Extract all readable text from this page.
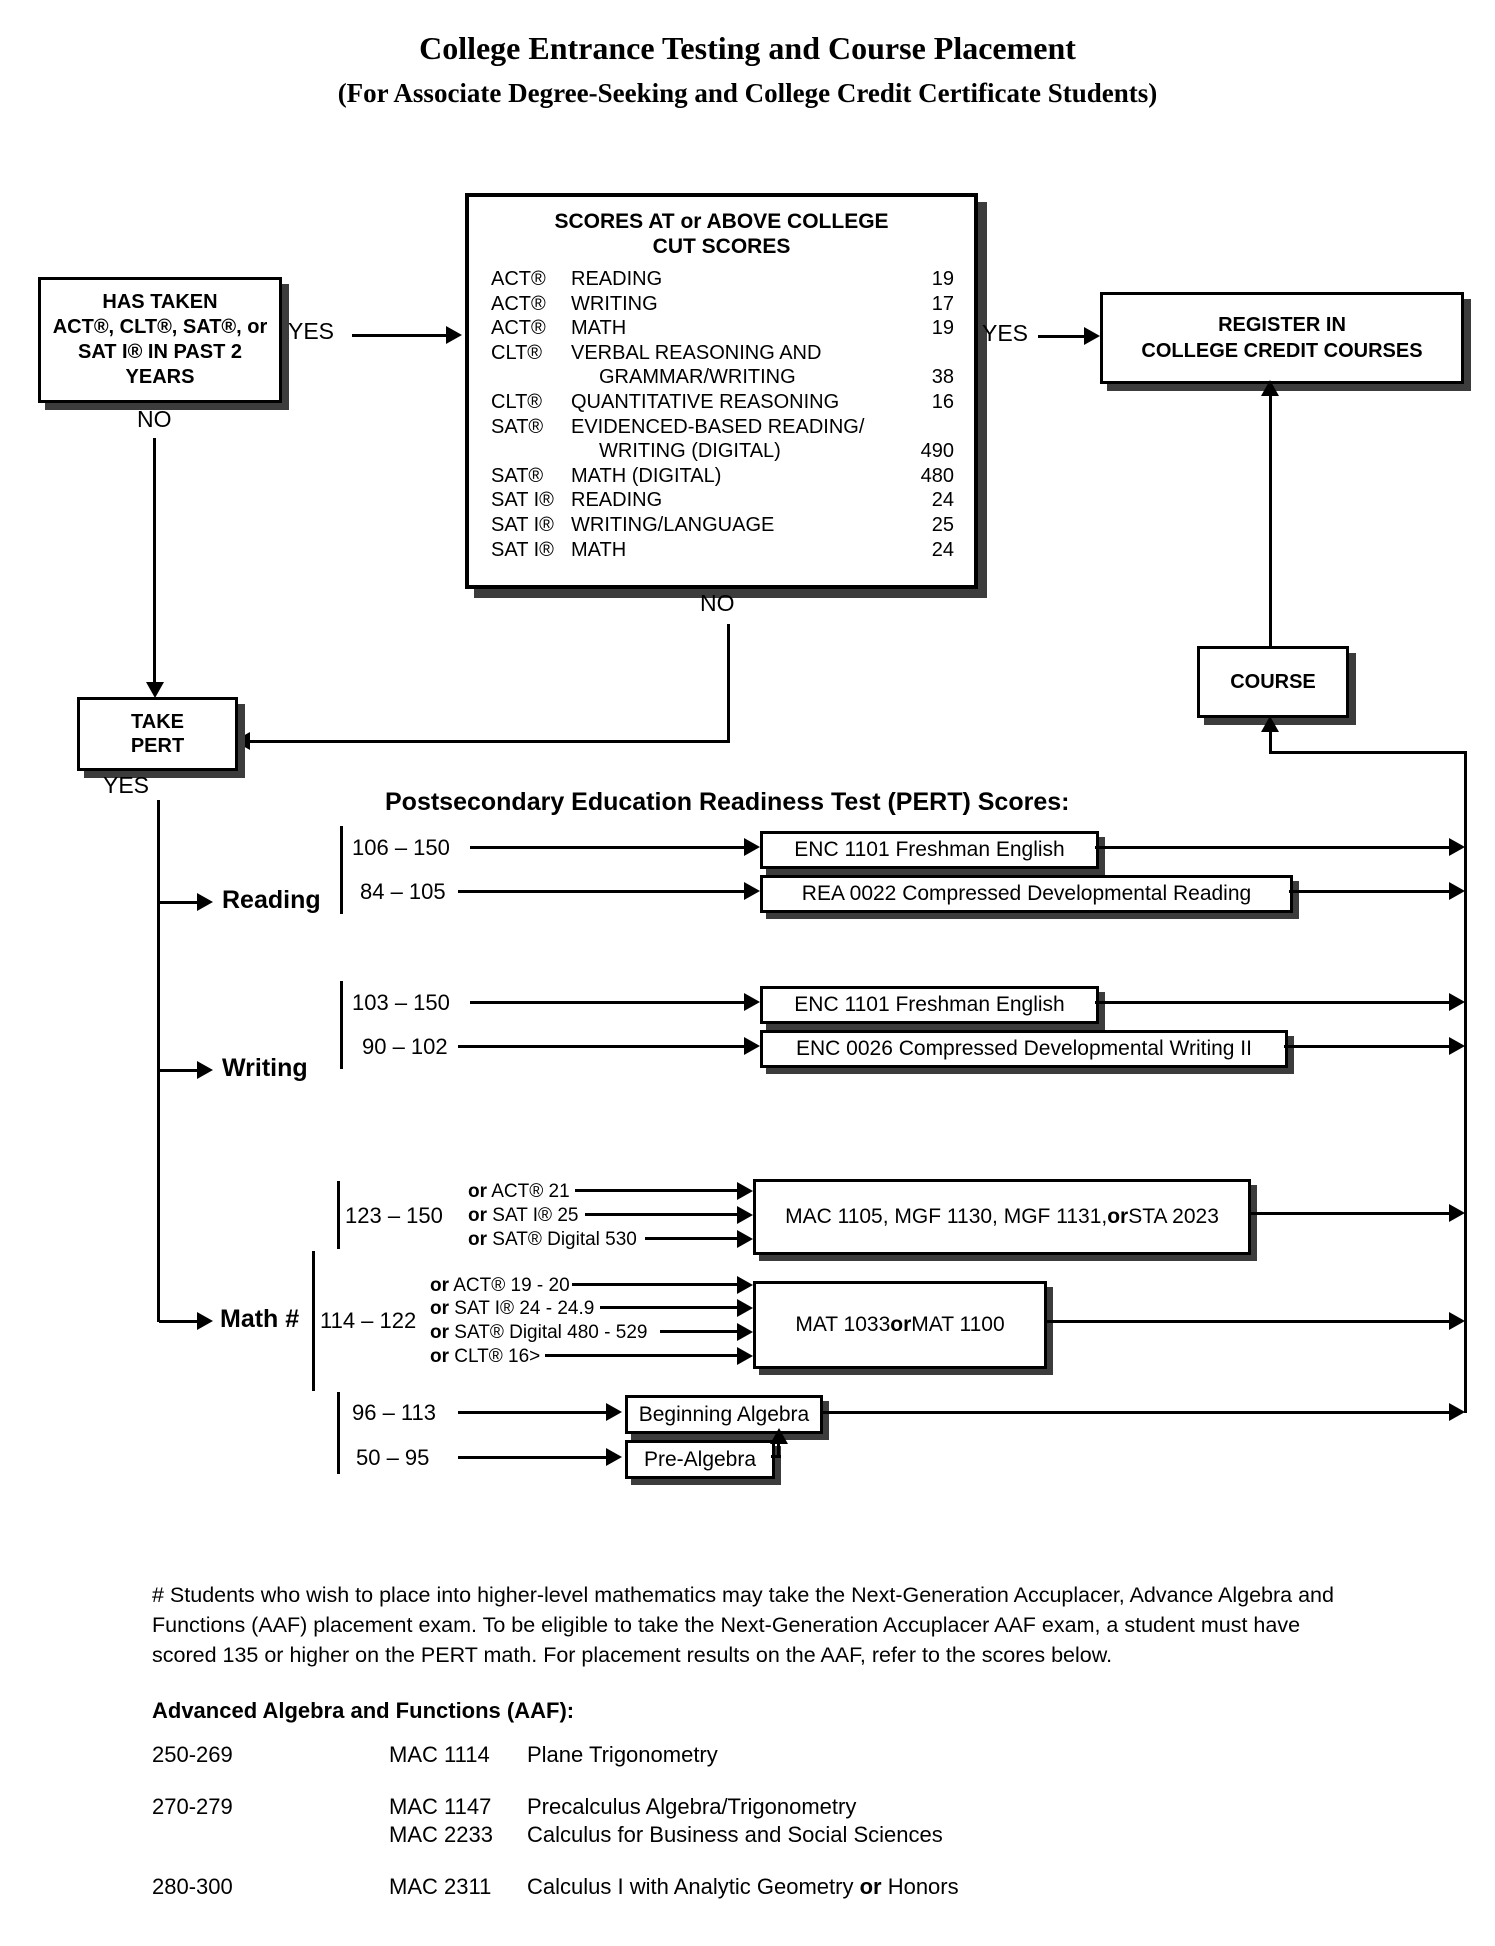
College Entrance Testing and Course Placement
(For Associate Degree-Seeking and College Credit Certificate Students)
HAS TAKEN
ACT®, CLT®, SAT®, or
SAT I® IN PAST 2
YEARS
YES
NO
SCORES AT or ABOVE COLLEGE
CUT SCORES
ACT®	READING	19
ACT®	WRITING	17
ACT®	MATH	19
CLT®	VERBAL REASONING AND
GRAMMAR/WRITING	38
CLT®	QUANTITATIVE REASONING	16
SAT®	EVIDENCED-BASED READING/
WRITING (DIGITAL)	490
SAT®	MATH (DIGITAL)	480
SAT I® READING	24
SAT I® WRITING/LANGUAGE	25
SAT I® MATH	24
NO
YES	REGISTER IN
COLLEGE CREDIT COURSES
COURSE
TAKE
PERT
YES
Postsecondary Education Readiness Test (PERT) Scores:
Reading
Writing
Math #
106 – 150	ENC 1101 Freshman English
84 – 105	REA 0022 Compressed Developmental Reading
103 – 150	ENC 1101 Freshman English
90 – 102	ENC 0026 Compressed Developmental Writing II
123 – 150
or ACT® 21
or SAT I® 25
or SAT® Digital 530
MAC 1105, MGF 1130, MGF 1131, or STA 2023
114 – 122
or ACT® 19 - 20
or SAT I® 24 - 24.9
or SAT® Digital 480 - 529
or CLT® 16>
MAT 1033 or MAT 1100
96 – 113	Beginning Algebra
50 – 95	Pre-Algebra
# Students who wish to place into higher-level mathematics may take the Next-Generation Accuplacer, Advance Algebra and Functions (AAF) placement exam. To be eligible to take the Next-Generation Accuplacer AAF exam, a student must have scored 135 or higher on the PERT math. For placement results on the AAF, refer to the scores below.
Advanced Algebra and Functions (AAF):
250-269	MAC 1114	Plane Trigonometry
270-279	MAC 1147	Precalculus Algebra/Trigonometry
MAC 2233	Calculus for Business and Social Sciences
280-300	MAC 2311	Calculus I with Analytic Geometry or Honors
